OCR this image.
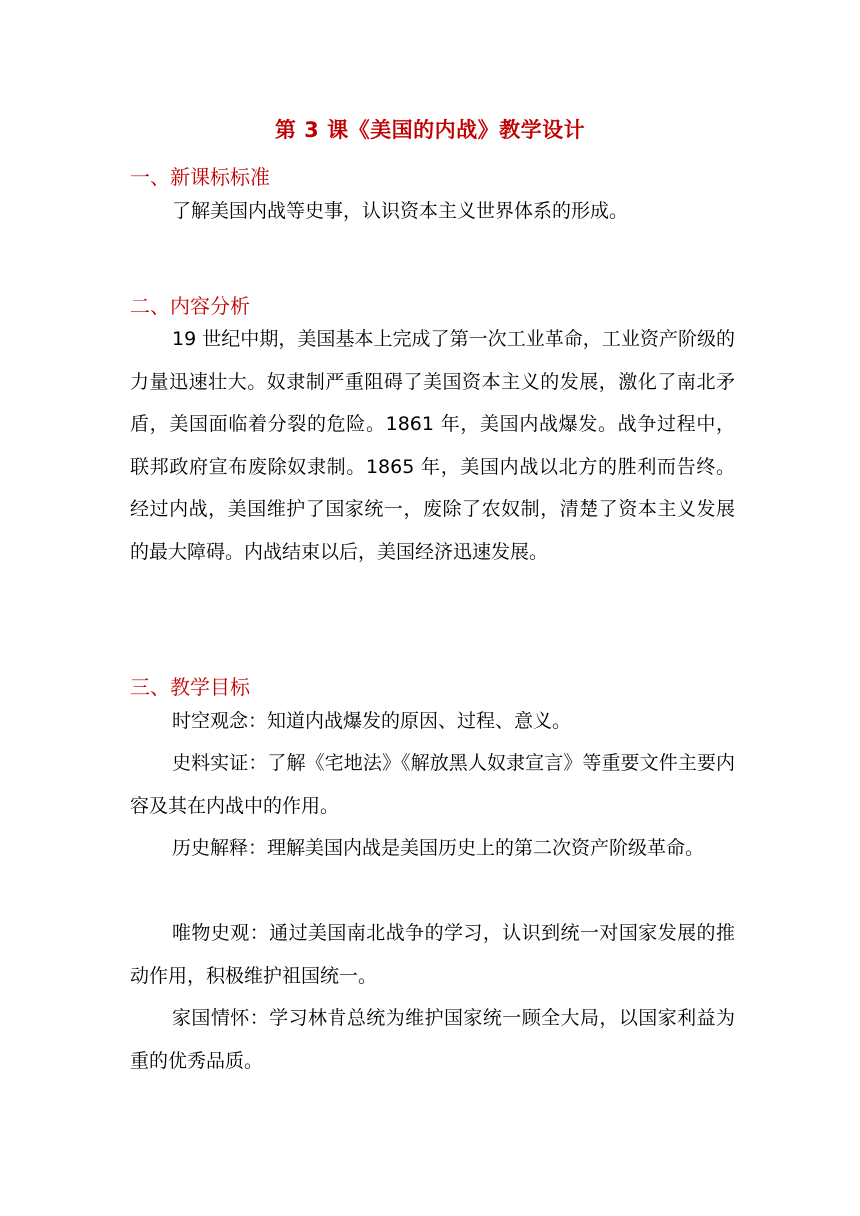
第 3 课《美国的内战》教学设计
一、新课标标准

了解美国内战等史事，认识资本主义世界体系的形成。

二、内容分析

19 世纪中期，美国基本上完成了第一次工业革命，工业资产阶级的力量迅速壮大。奴隶制严重阻碍了美国资本主义的发展，激化了南北矛盾，美国面临着分裂的危险。1861 年，美国内战爆发。战争过程中，联邦政府宣布废除奴隶制。1865 年，美国内战以北方的胜利而告终。经过内战，美国维护了国家统一，废除了农奴制，清楚了资本主义发展的最大障碍。内战结束以后，美国经济迅速发展。

三、教学目标

时空观念：知道内战爆发的原因、过程、意义。

史料实证：了解《宅地法》《解放黑人奴隶宣言》等重要文件主要内容及其在内战中的作用。

历史解释：理解美国内战是美国历史上的第二次资产阶级革命。

唯物史观：通过美国南北战争的学习，认识到统一对国家发展的推动作用，积极维护祖国统一。

家国情怀：学习林肯总统为维护国家统一顾全大局，以国家利益为重的优秀品质。
